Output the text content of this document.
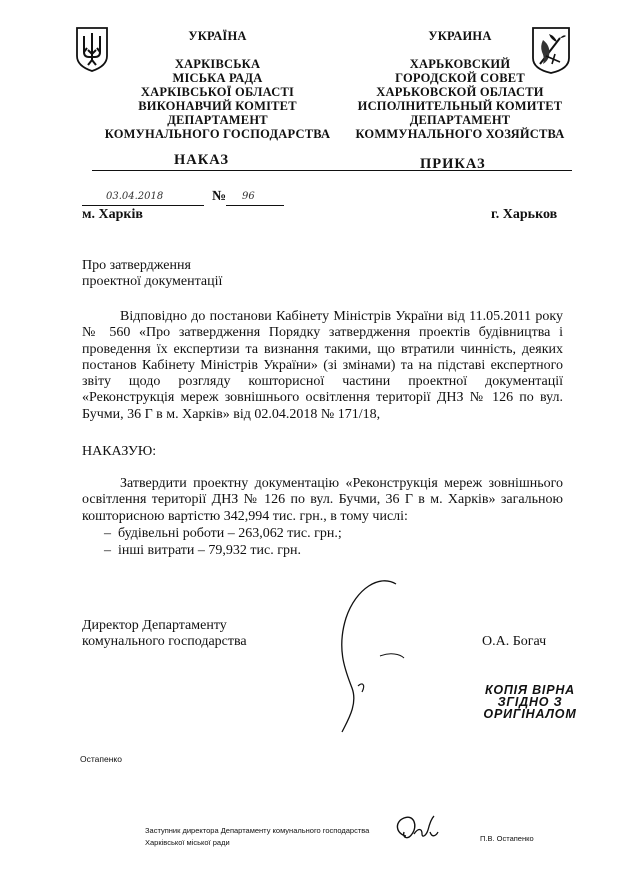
УКРАЇНА
ХАРКІВСЬКА
МІСЬКА РАДА
ХАРКІВСЬКОЇ ОБЛАСТІ
ВИКОНАВЧИЙ КОМІТЕТ
ДЕПАРТАМЕНТ
КОМУНАЛЬНОГО ГОСПОДАРСТВА
УКРАИНА
ХАРЬКОВСКИЙ
ГОРОДСКОЙ СОВЕТ
ХАРЬКОВСКОЙ ОБЛАСТИ
ИСПОЛНИТЕЛЬНЫЙ КОМИТЕТ
ДЕПАРТАМЕНТ
КОММУНАЛЬНОГО ХОЗЯЙСТВА
НАКАЗ	ПРИКАЗ
03.04.2018	№ 96
м. Харків	г. Харьков
Про затвердження
проектної документації
Відповідно до постанови Кабінету Міністрів України від 11.05.2011 року № 560 «Про затвердження Порядку затвердження проектів будівництва і проведення їх експертизи та визнання такими, що втратили чинність, деяких постанов Кабінету Міністрів України» (зі змінами) та на підставі експертного звіту щодо розгляду кошторисної частини проектної документації «Реконструкція мереж зовнішнього освітлення території ДНЗ № 126 по вул. Бучми, 36 Г в м. Харків» від 02.04.2018 № 171/18,
НАКАЗУЮ:
Затвердити проектну документацію «Реконструкція мереж зовнішнього освітлення території ДНЗ № 126 по вул. Бучми, 36 Г в м. Харків» загальною кошторисною вартістю 342,994 тис. грн., в тому числі:
– будівельні роботи – 263,062 тис. грн.;
– інші витрати – 79,932 тис. грн.
Директор Департаменту
комунального господарства	О.А. Богач
КОПІЯ ВІРНА
ЗГІДНО З
ОРИГІНАЛОМ
Остапенко
Заступник директора Департаменту комунального господарства
Харківської міської ради	П.В. Остапенко
